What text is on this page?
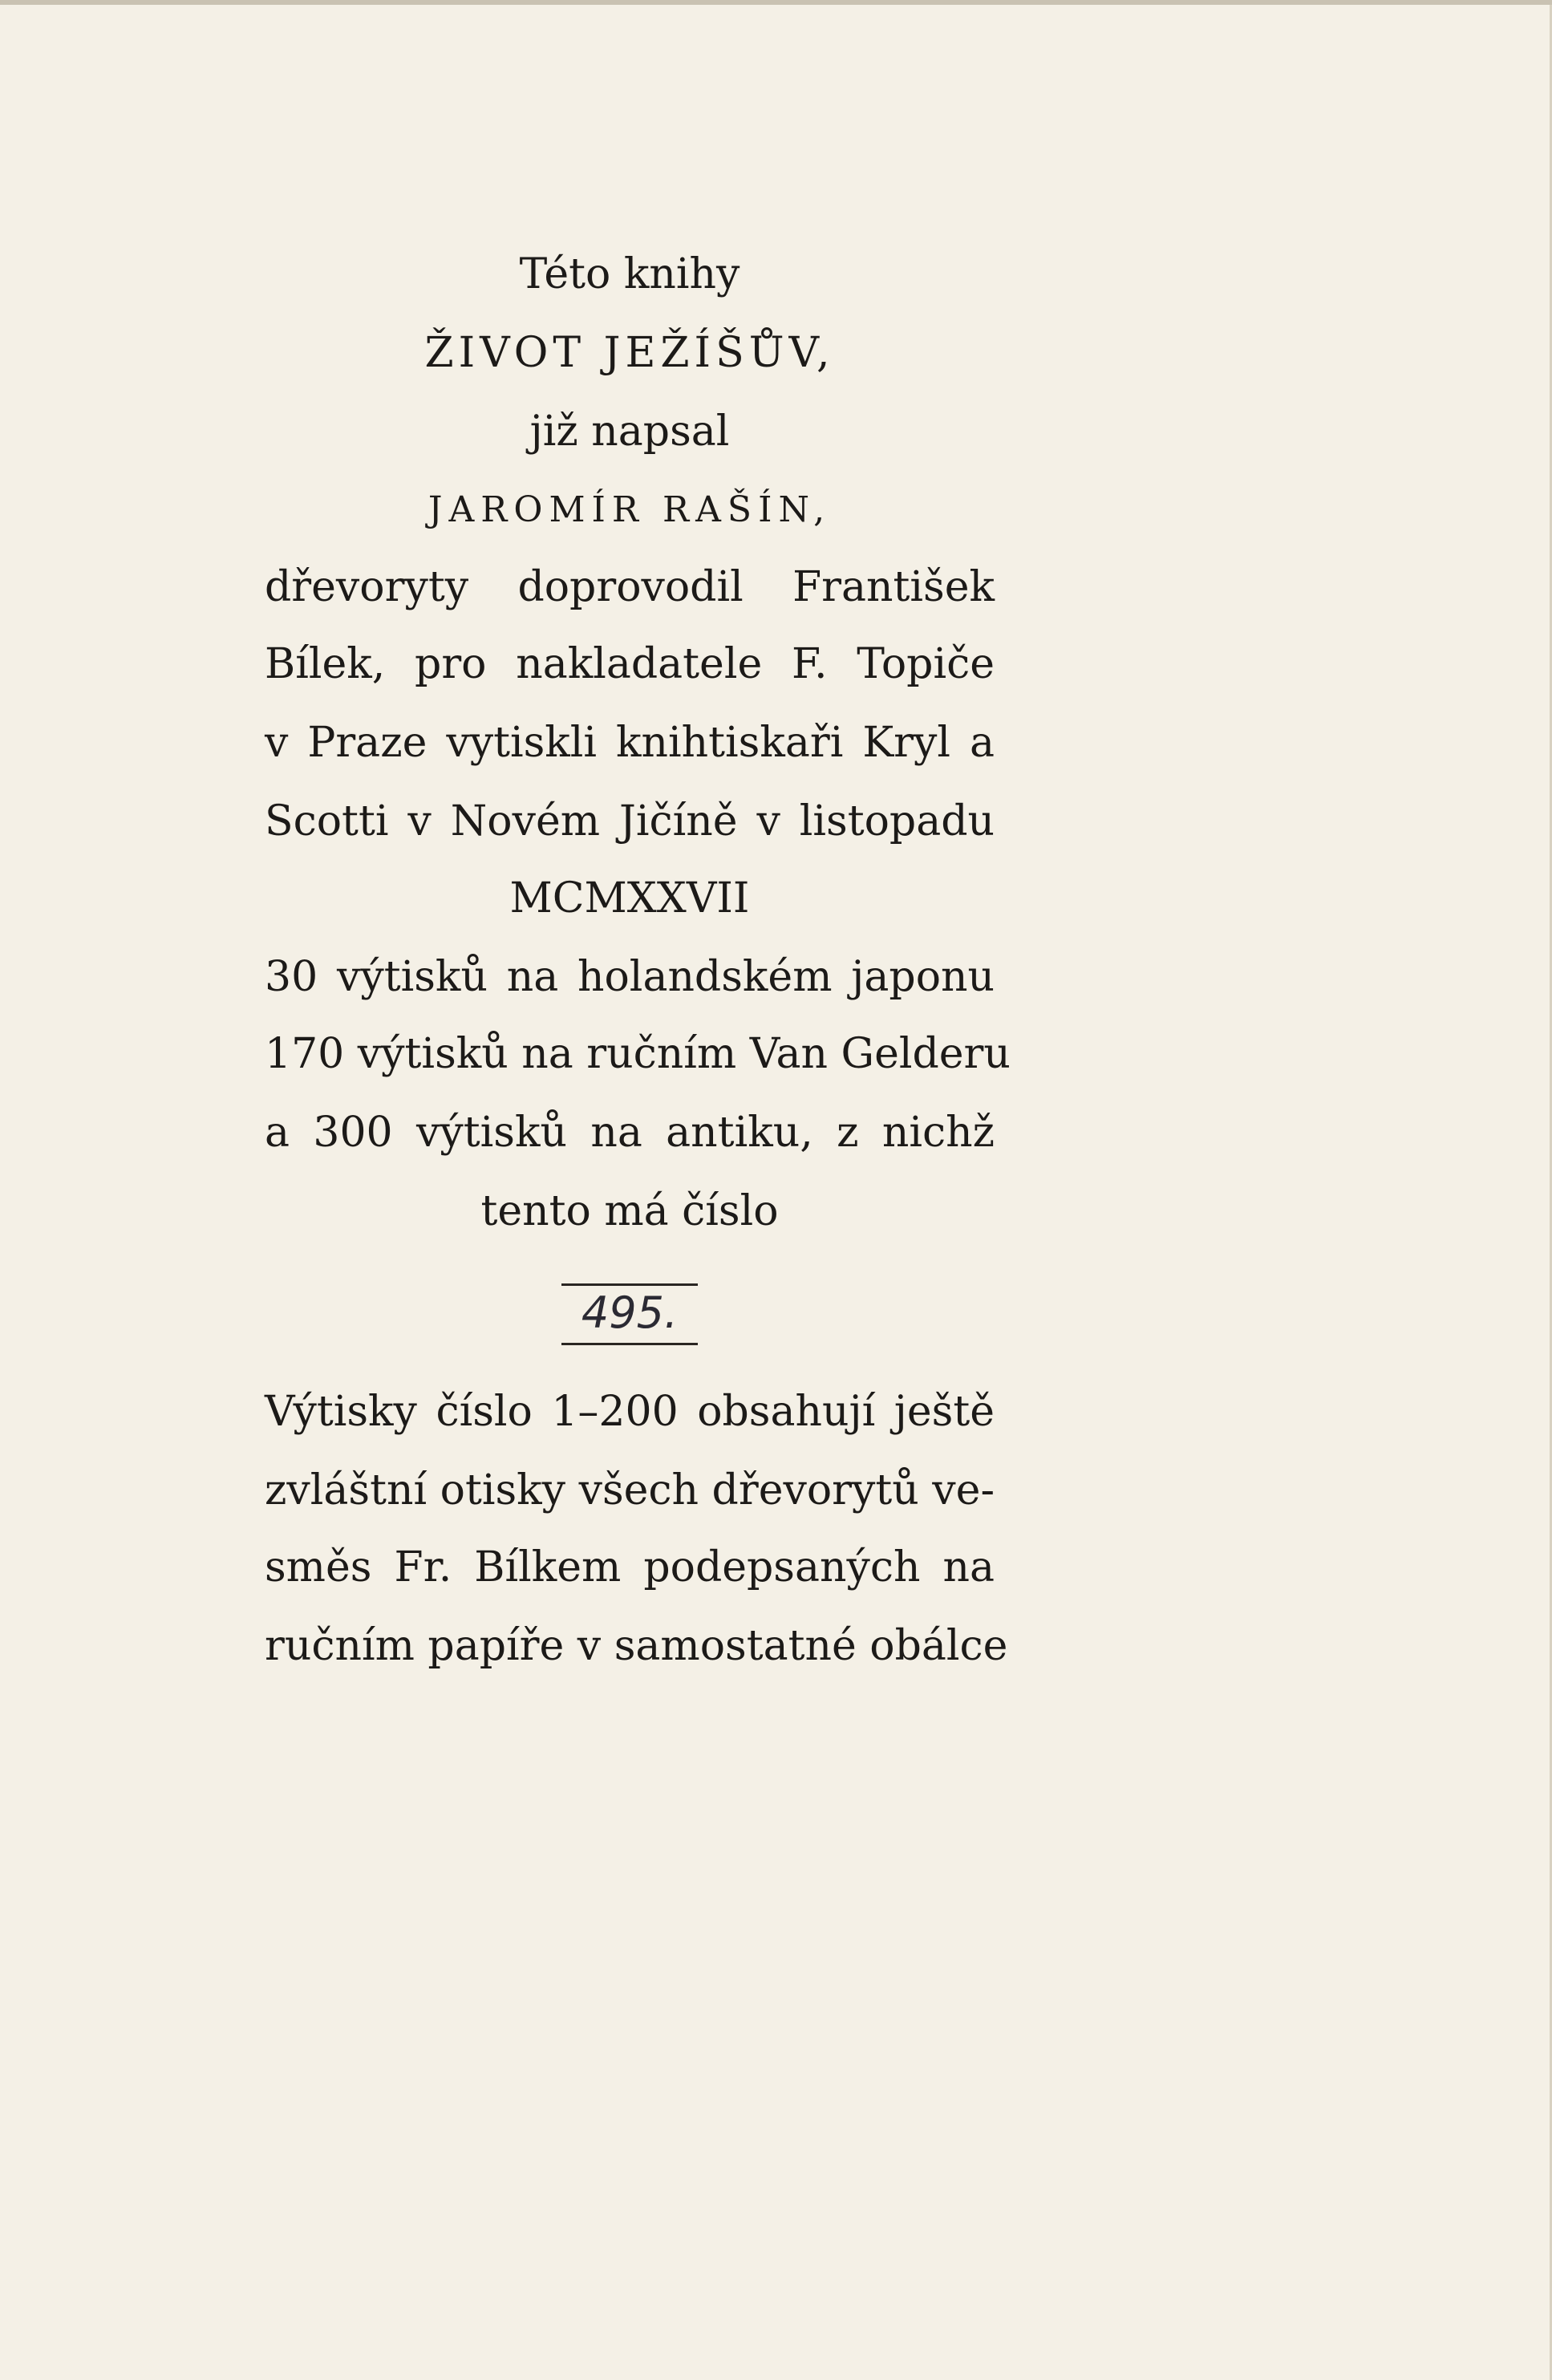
Této knihy
ŽIVOT JEŽÍŠŮV,
již napsal
JAROMÍR RAŠÍN,
dřevoryty doprovodil František
Bílek, pro nakladatele F. Topiče
v Praze vytiskli knihtiskaři Kryl a
Scotti v Novém Jičíně v listopadu
MCMXXVII
30 výtisků na holandském japonu
170 výtisků na ručním Van Gelderu
a 300 výtisků na antiku, z nichž
tento má číslo
495.
Výtisky číslo 1–200 obsahují ještě
zvláštní otisky všech dřevorytů ve-
směs Fr. Bílkem podepsaných na
ručním papíře v samostatné obálce
